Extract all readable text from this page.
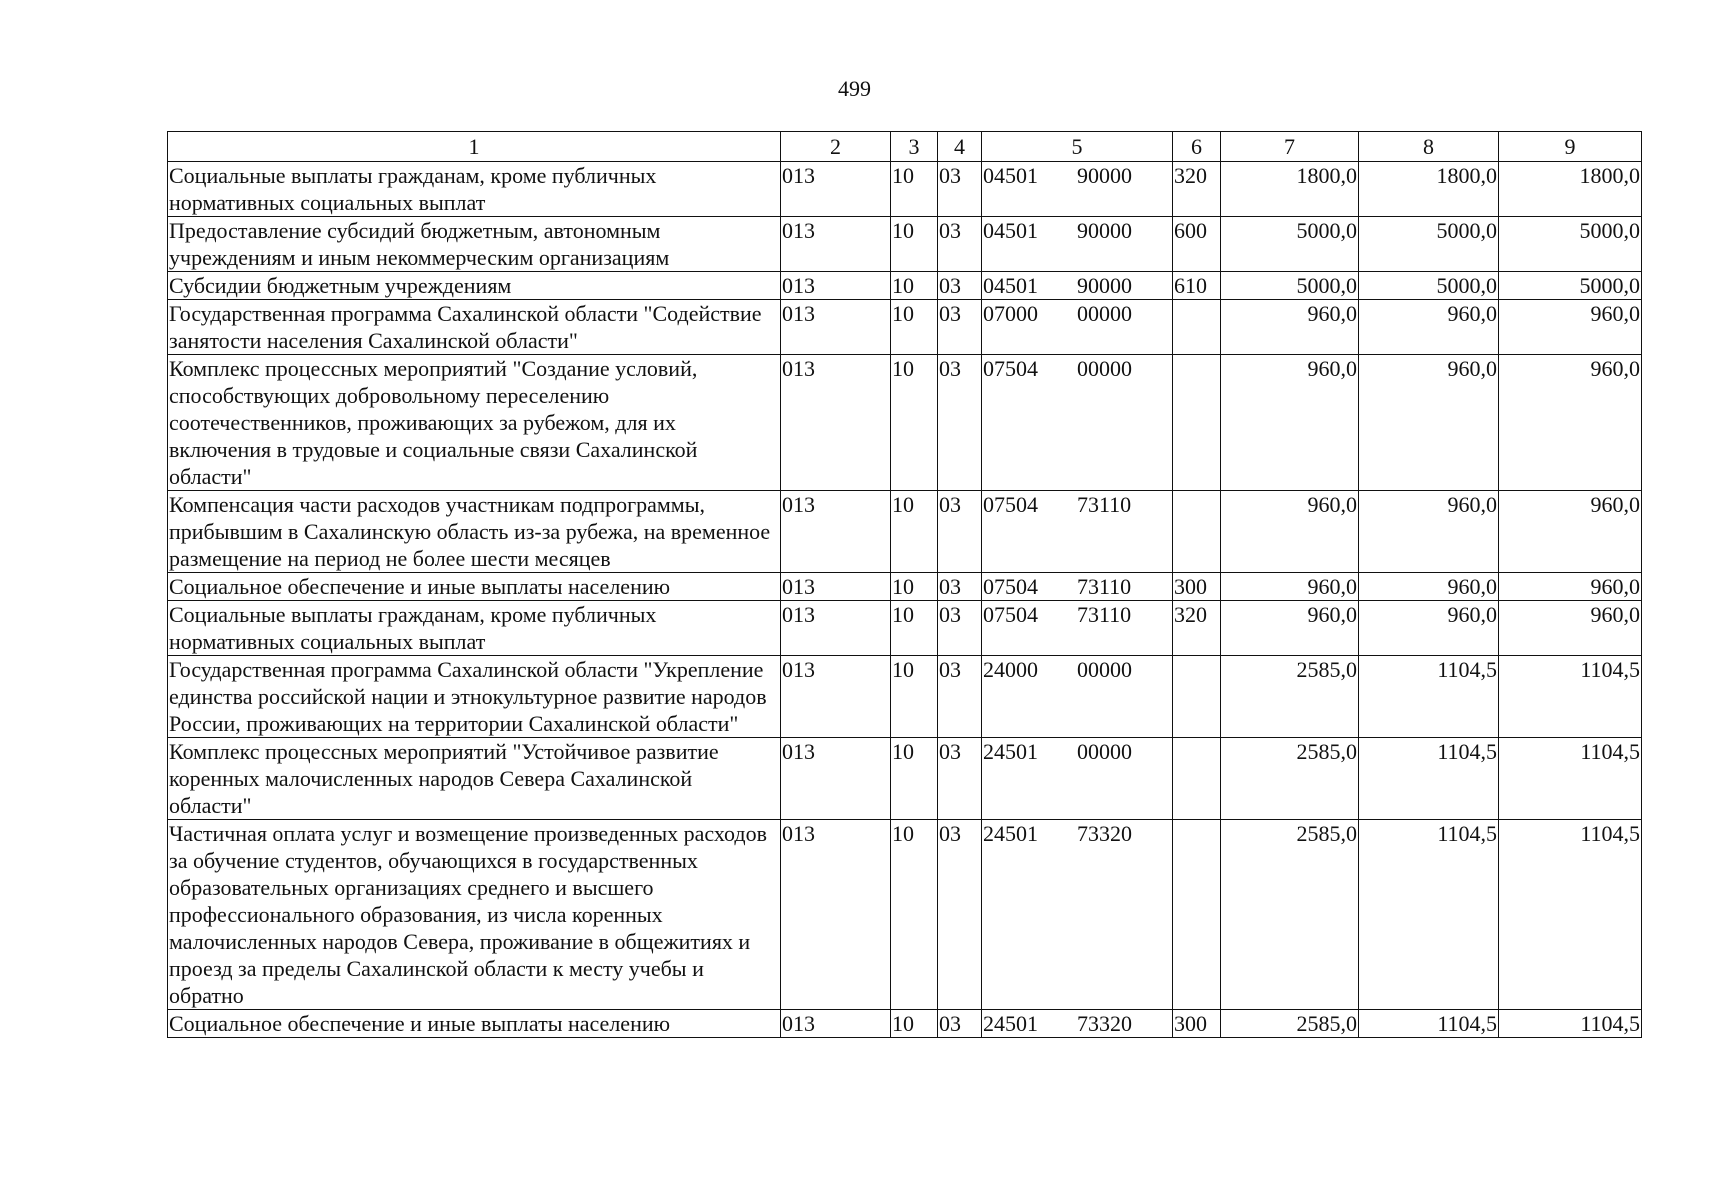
499
1	2	3	4	5	6	7	8	9
Социальные выплаты гражданам, кроме публичных нормативных социальных выплат	013	10	03	04501 90000	320	1800,0	1800,0	1800,0
Предоставление субсидий бюджетным, автономным учреждениям и иным некоммерческим организациям	013	10	03	04501 90000	600	5000,0	5000,0	5000,0
Субсидии бюджетным учреждениям	013	10	03	04501 90000	610	5000,0	5000,0	5000,0
Государственная программа Сахалинской области "Содействие занятости населения Сахалинской области"	013	10	03	07000 00000		960,0	960,0	960,0
Комплекс процессных мероприятий "Создание условий, способствующих добровольному переселению соотечественников, проживающих за рубежом, для их включения в трудовые и социальные связи Сахалинской области"	013	10	03	07504 00000		960,0	960,0	960,0
Компенсация части расходов участникам подпрограммы, прибывшим в Сахалинскую область из-за рубежа, на временное размещение на период не более шести месяцев	013	10	03	07504 73110		960,0	960,0	960,0
Социальное обеспечение и иные выплаты населению	013	10	03	07504 73110	300	960,0	960,0	960,0
Социальные выплаты гражданам, кроме публичных нормативных социальных выплат	013	10	03	07504 73110	320	960,0	960,0	960,0
Государственная программа Сахалинской области "Укрепление единства российской нации и этнокультурное развитие народов России, проживающих на территории Сахалинской области"	013	10	03	24000 00000		2585,0	1104,5	1104,5
Комплекс процессных мероприятий "Устойчивое развитие коренных малочисленных народов Севера Сахалинской области"	013	10	03	24501 00000		2585,0	1104,5	1104,5
Частичная оплата услуг и возмещение произведенных расходов за обучение студентов, обучающихся в государственных образовательных организациях среднего и высшего профессионального образования, из числа коренных малочисленных народов Севера, проживание в общежитиях и проезд за пределы Сахалинской области к месту учебы и обратно	013	10	03	24501 73320		2585,0	1104,5	1104,5
Социальное обеспечение и иные выплаты населению	013	10	03	24501 73320	300	2585,0	1104,5	1104,5
